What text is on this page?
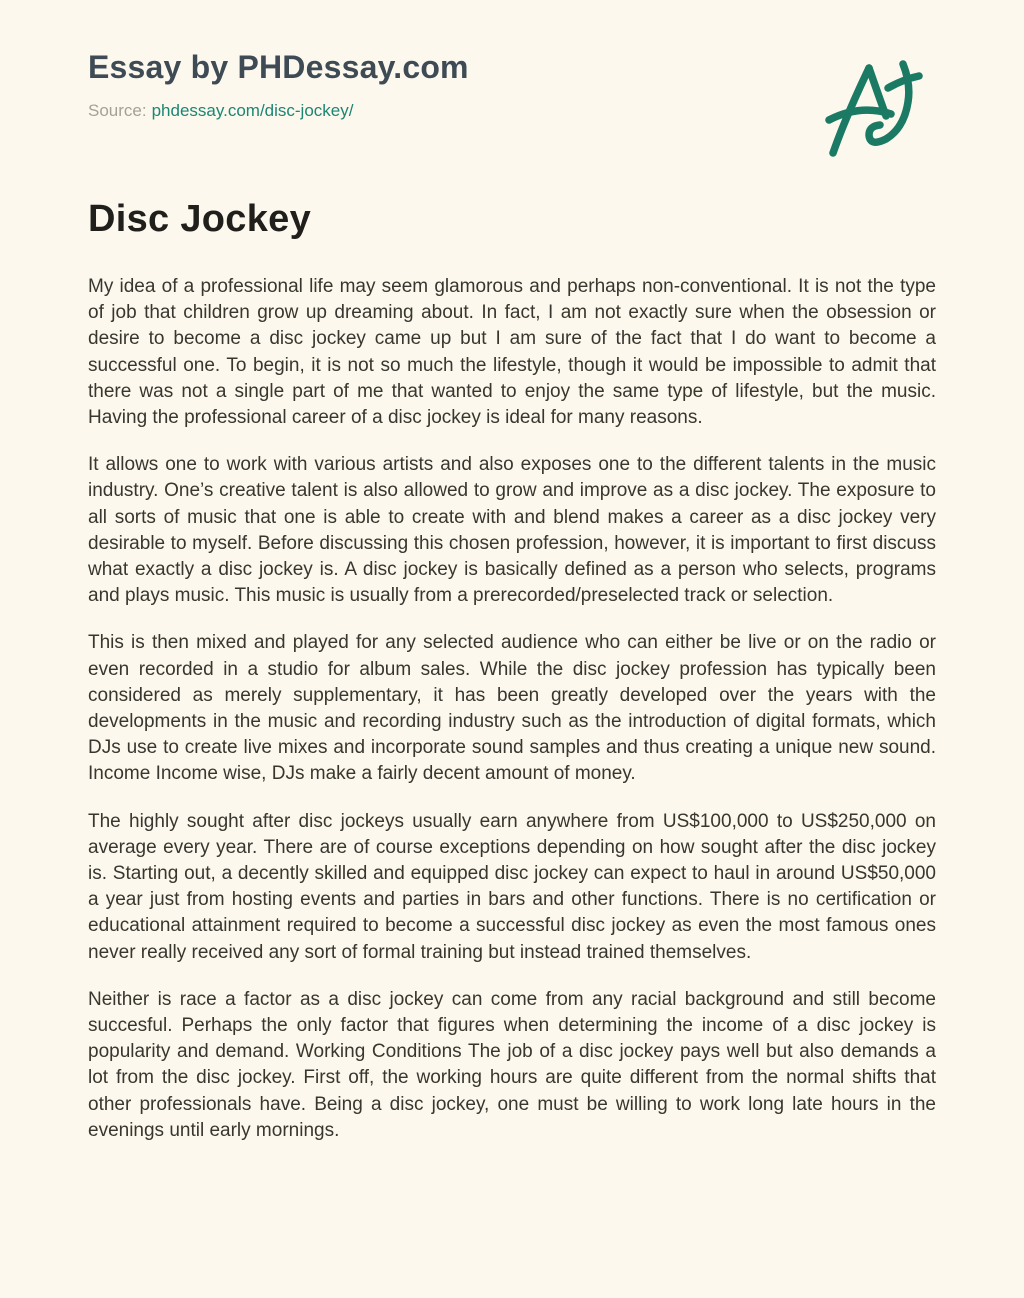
Essay by PHDessay.com
Source: phdessay.com/disc-jockey/
Disc Jockey

My idea of a professional life may seem glamorous and perhaps non-conventional. It is not the type of job that children grow up dreaming about. In fact, I am not exactly sure when the obsession or desire to become a disc jockey came up but I am sure of the fact that I do want to become a successful one. To begin, it is not so much the lifestyle, though it would be impossible to admit that there was not a single part of me that wanted to enjoy the same type of lifestyle, but the music. Having the professional career of a disc jockey is ideal for many reasons.

It allows one to work with various artists and also exposes one to the different talents in the music industry. One’s creative talent is also allowed to grow and improve as a disc jockey. The exposure to all sorts of music that one is able to create with and blend makes a career as a disc jockey very desirable to myself. Before discussing this chosen profession, however, it is important to first discuss what exactly a disc jockey is. A disc jockey is basically defined as a person who selects, programs and plays music. This music is usually from a prerecorded/preselected track or selection.

This is then mixed and played for any selected audience who can either be live or on the radio or even recorded in a studio for album sales. While the disc jockey profession has typically been considered as merely supplementary, it has been greatly developed over the years with the developments in the music and recording industry such as the introduction of digital formats, which DJs use to create live mixes and incorporate sound samples and thus creating a unique new sound. Income Income wise, DJs make a fairly decent amount of money.

The highly sought after disc jockeys usually earn anywhere from US$100,000 to US$250,000 on average every year. There are of course exceptions depending on how sought after the disc jockey is. Starting out, a decently skilled and equipped disc jockey can expect to haul in around US$50,000 a year just from hosting events and parties in bars and other functions. There is no certification or educational attainment required to become a successful disc jockey as even the most famous ones never really received any sort of formal training but instead trained themselves.

Neither is race a factor as a disc jockey can come from any racial background and still become succesful. Perhaps the only factor that figures when determining the income of a disc jockey is popularity and demand. Working Conditions The job of a disc jockey pays well but also demands a lot from the disc jockey. First off, the working hours are quite different from the normal shifts that other professionals have. Being a disc jockey, one must be willing to work long late hours in the evenings until early mornings.
